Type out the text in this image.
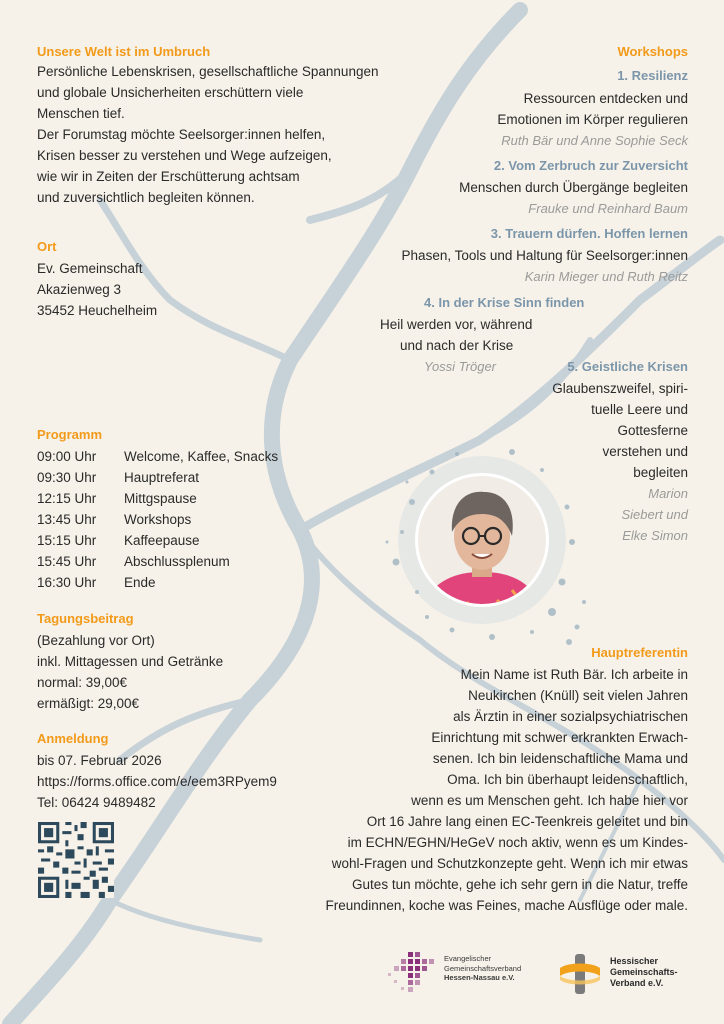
Unsere Welt ist im Umbruch
Persönliche Lebenskrisen, gesellschaftliche Spannungen
und globale Unsicherheiten erschüttern viele
Menschen tief.
Der Forumstag möchte Seelsorger:innen helfen,
Krisen besser zu verstehen und Wege aufzeigen,
wie wir in Zeiten der Erschütterung achtsam
und zuversichtlich begleiten können.
Ort
Ev. Gemeinschaft
Akazienweg 3
35452 Heuchelheim
Programm
09:00 Uhr	Welcome, Kaffee, Snacks
09:30 Uhr	Hauptreferat
12:15 Uhr	Mittgspause
13:45 Uhr	Workshops
15:15 Uhr	Kaffeepause
15:45 Uhr	Abschlussplenum
16:30 Uhr	Ende
Tagungsbeitrag
(Bezahlung vor Ort)
inkl. Mittagessen und Getränke
normal: 39,00€
ermäßigt: 29,00€
Anmeldung
bis 07. Februar 2026
https://forms.office.com/e/eem3RPyem9
Tel: 06424 9489482
Workshops
1. Resilienz
Ressourcen entdecken und
Emotionen im Körper regulieren
Ruth Bär und Anne Sophie Seck
2. Vom Zerbruch zur Zuversicht
Menschen durch Übergänge begleiten
Frauke und Reinhard Baum
3. Trauern dürfen. Hoffen lernen
Phasen, Tools und Haltung für Seelsorger:innen
Karin Mieger und Ruth Reitz
4. In der Krise Sinn finden
Heil werden vor, während
und nach der Krise
Yossi Tröger	5. Geistliche Krisen
Glaubenszweifel, spiri-
tuelle Leere und
Gottesferne
verstehen und
begleiten
Marion
Siebert und
Elke Simon
Hauptreferentin
Mein Name ist Ruth Bär. Ich arbeite in
Neukirchen (Knüll) seit vielen Jahren
als Ärztin in einer sozialpsychiatrischen
Einrichtung mit schwer erkrankten Erwach-
senen. Ich bin leidenschaftliche Mama und
Oma. Ich bin überhaupt leidenschaftlich,
wenn es um Menschen geht. Ich habe hier vor
Ort 16 Jahre lang einen EC-Teenkreis geleitet und bin
im ECHN/EGHN/HeGeV noch aktiv, wenn es um Kindes-
wohl-Fragen und Schutzkonzepte geht. Wenn ich mir etwas
Gutes tun möchte, gehe ich sehr gern in die Natur, treffe
Freundinnen, koche was Feines, mache Ausflüge oder male.
Evangelischer
Gemeinschaftsverband
Hessen-Nassau e.V.
Hessischer
Gemeinschafts-
Verband e.V.
